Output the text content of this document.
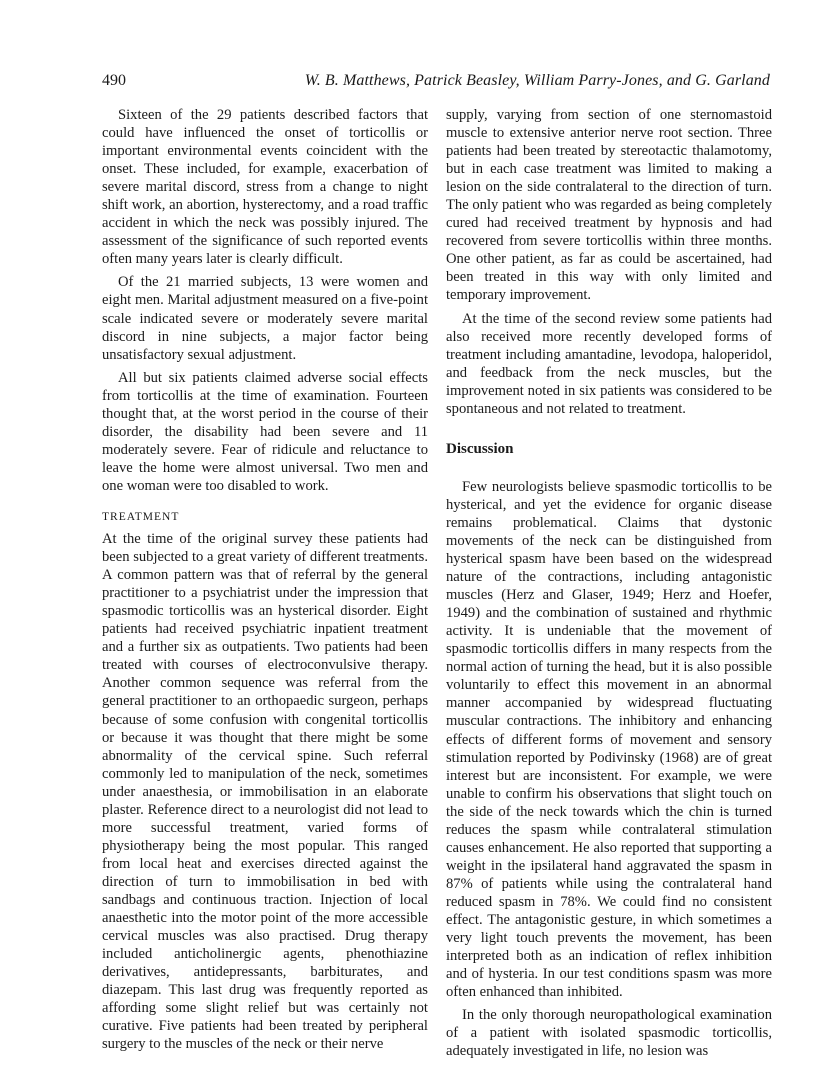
490	W. B. Matthews, Patrick Beasley, William Parry-Jones, and G. Garland

Sixteen of the 29 patients described factors that could have influenced the onset of torticollis or important environmental events coincident with the onset. These included, for example, exacerbation of severe marital discord, stress from a change to night shift work, an abortion, hysterectomy, and a road traffic accident in which the neck was possibly injured. The assessment of the significance of such reported events often many years later is clearly difficult.

Of the 21 married subjects, 13 were women and eight men. Marital adjustment measured on a five-point scale indicated severe or moderately severe marital discord in nine subjects, a major factor being unsatisfactory sexual adjustment.

All but six patients claimed adverse social effects from torticollis at the time of examination. Fourteen thought that, at the worst period in the course of their disorder, the disability had been severe and 11 moderately severe. Fear of ridicule and reluctance to leave the home were almost universal. Two men and one woman were too disabled to work.

TREATMENT

At the time of the original survey these patients had been subjected to a great variety of different treatments. A common pattern was that of referral by the general practitioner to a psychiatrist under the impression that spasmodic torticollis was an hysterical disorder. Eight patients had received psychiatric inpatient treatment and a further six as outpatients. Two patients had been treated with courses of electroconvulsive therapy. Another common sequence was referral from the general practitioner to an orthopaedic surgeon, perhaps because of some confusion with congenital torticollis or because it was thought that there might be some abnormality of the cervical spine. Such referral commonly led to manipulation of the neck, sometimes under anaesthesia, or immobilisation in an elaborate plaster. Reference direct to a neurologist did not lead to more successful treatment, varied forms of physiotherapy being the most popular. This ranged from local heat and exercises directed against the direction of turn to immobilisation in bed with sandbags and continuous traction. Injection of local anaesthetic into the motor point of the more accessible cervical muscles was also practised. Drug therapy included anticholinergic agents, phenothiazine derivatives, antidepressants, barbiturates, and diazepam. This last drug was frequently reported as affording some slight relief but was certainly not curative. Five patients had been treated by peripheral surgery to the muscles of the neck or their nerve

supply, varying from section of one sternomastoid muscle to extensive anterior nerve root section. Three patients had been treated by stereotactic thalamotomy, but in each case treatment was limited to making a lesion on the side contralateral to the direction of turn. The only patient who was regarded as being completely cured had received treatment by hypnosis and had recovered from severe torticollis within three months. One other patient, as far as could be ascertained, had been treated in this way with only limited and temporary improvement.

At the time of the second review some patients had also received more recently developed forms of treatment including amantadine, levodopa, haloperidol, and feedback from the neck muscles, but the improvement noted in six patients was considered to be spontaneous and not related to treatment.

Discussion

Few neurologists believe spasmodic torticollis to be hysterical, and yet the evidence for organic disease remains problematical. Claims that dystonic movements of the neck can be distinguished from hysterical spasm have been based on the widespread nature of the contractions, including antagonistic muscles (Herz and Glaser, 1949; Herz and Hoefer, 1949) and the combination of sustained and rhythmic activity. It is undeniable that the movement of spasmodic torticollis differs in many respects from the normal action of turning the head, but it is also possible voluntarily to effect this movement in an abnormal manner accompanied by widespread fluctuating muscular contractions. The inhibitory and enhancing effects of different forms of movement and sensory stimulation reported by Podivinsky (1968) are of great interest but are inconsistent. For example, we were unable to confirm his observations that slight touch on the side of the neck towards which the chin is turned reduces the spasm while contralateral stimulation causes enhancement. He also reported that supporting a weight in the ipsilateral hand aggravated the spasm in 87% of patients while using the contralateral hand reduced spasm in 78%. We could find no consistent effect. The antagonistic gesture, in which sometimes a very light touch prevents the movement, has been interpreted both as an indication of reflex inhibition and of hysteria. In our test conditions spasm was more often enhanced than inhibited.

In the only thorough neuropathological examination of a patient with isolated spasmodic torticollis, adequately investigated in life, no lesion was
